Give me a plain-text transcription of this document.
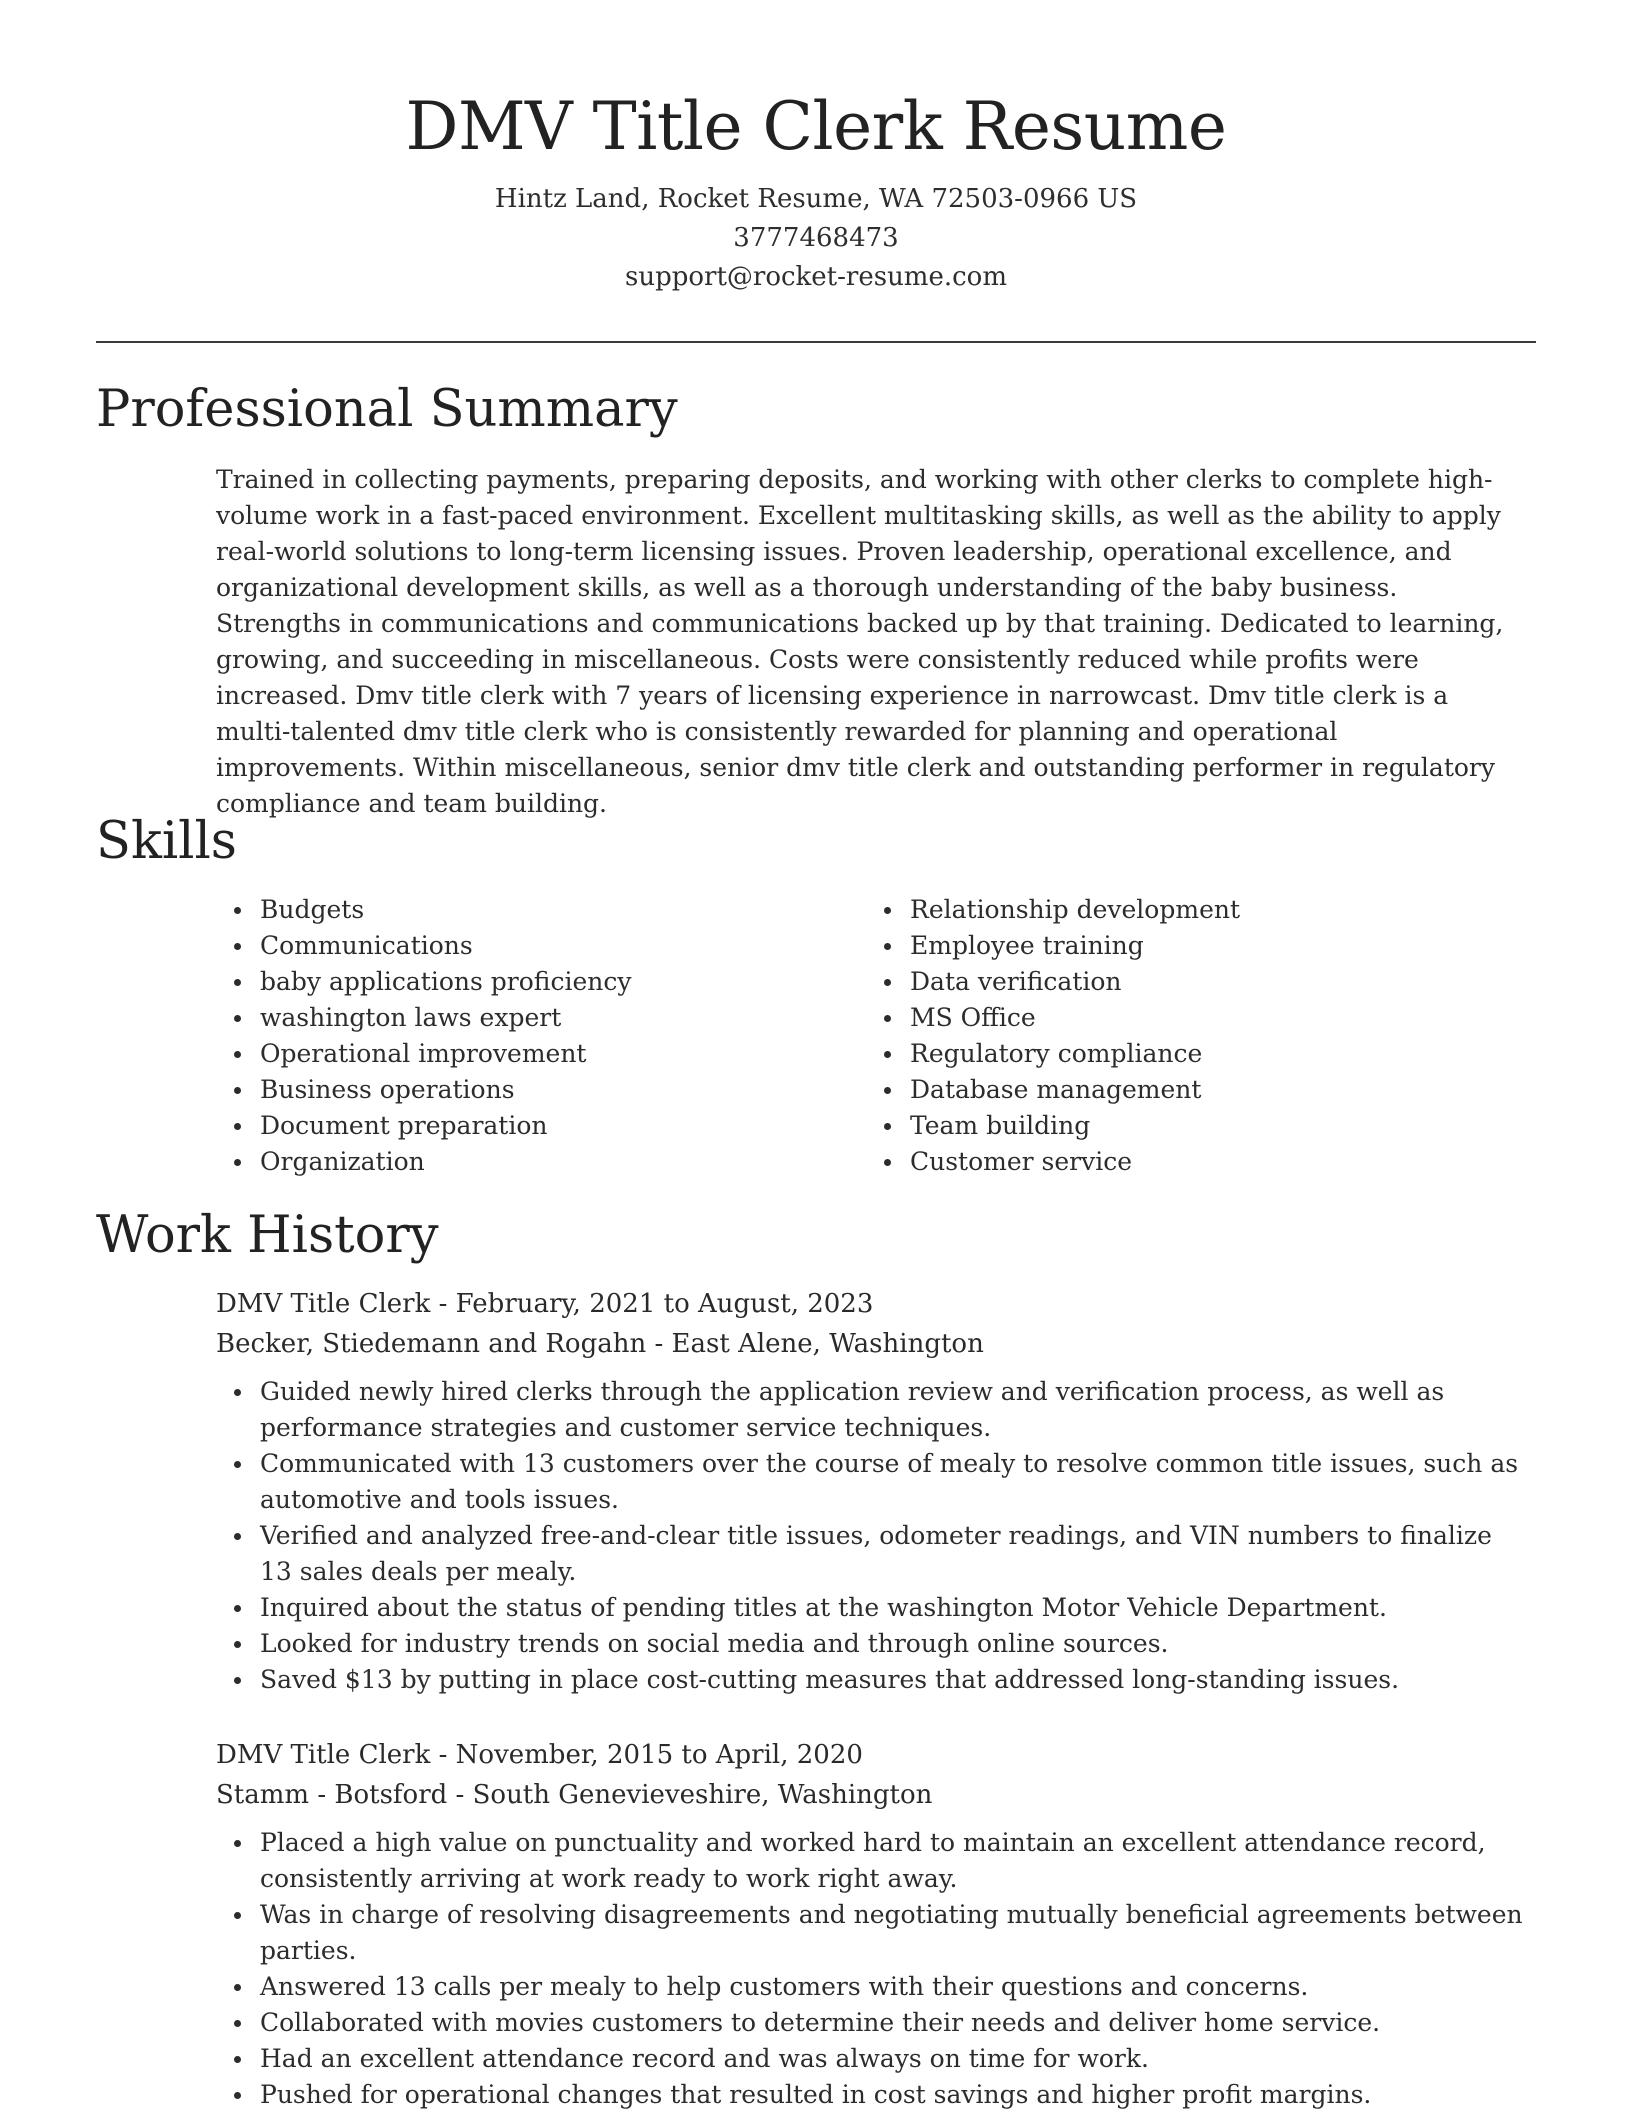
DMV Title Clerk Resume
Hintz Land, Rocket Resume, WA 72503-0966 US
3777468473
support@rocket-resume.com
Professional Summary

Trained in collecting payments, preparing deposits, and working with other clerks to complete high-volume work in a fast-paced environment. Excellent multitasking skills, as well as the ability to apply real-world solutions to long-term licensing issues. Proven leadership, operational excellence, and organizational development skills, as well as a thorough understanding of the baby business. Strengths in communications and communications backed up by that training. Dedicated to learning, growing, and succeeding in miscellaneous. Costs were consistently reduced while profits were increased. Dmv title clerk with 7 years of licensing experience in narrowcast. Dmv title clerk is a multi-talented dmv title clerk who is consistently rewarded for planning and operational improvements. Within miscellaneous, senior dmv title clerk and outstanding performer in regulatory compliance and team building.

Skills
Budgets
Communications
baby applications proficiency
washington laws expert
Operational improvement
Business operations
Document preparation
Organization
Relationship development
Employee training
Data verification
MS Office
Regulatory compliance
Database management
Team building
Customer service
Work History
DMV Title Clerk - February, 2021 to August, 2023
Becker, Stiedemann and Rogahn - East Alene, Washington
Guided newly hired clerks through the application review and verification process, as well as performance strategies and customer service techniques.
Communicated with 13 customers over the course of mealy to resolve common title issues, such as automotive and tools issues.
Verified and analyzed free-and-clear title issues, odometer readings, and VIN numbers to finalize 13 sales deals per mealy.
Inquired about the status of pending titles at the washington Motor Vehicle Department.
Looked for industry trends on social media and through online sources.
Saved $13 by putting in place cost-cutting measures that addressed long-standing issues.
DMV Title Clerk - November, 2015 to April, 2020
Stamm - Botsford - South Genevieveshire, Washington
Placed a high value on punctuality and worked hard to maintain an excellent attendance record, consistently arriving at work ready to work right away.
Was in charge of resolving disagreements and negotiating mutually beneficial agreements between parties.
Answered 13 calls per mealy to help customers with their questions and concerns.
Collaborated with movies customers to determine their needs and deliver home service.
Had an excellent attendance record and was always on time for work.
Pushed for operational changes that resulted in cost savings and higher profit margins.
